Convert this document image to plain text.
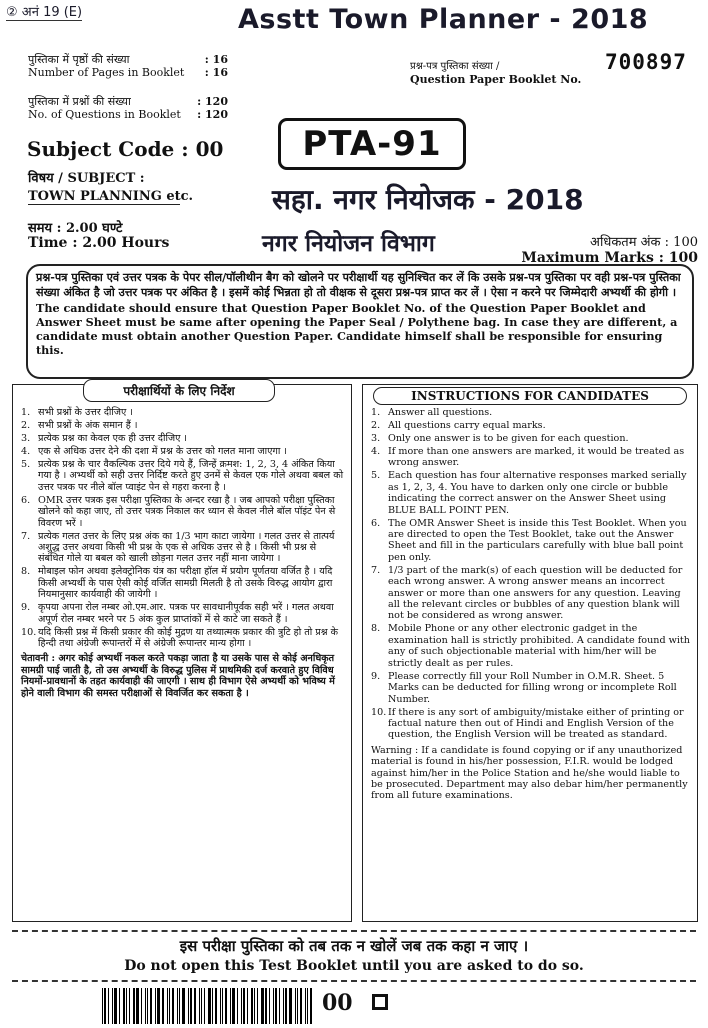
② अनं 19 (E)	Asstt Town Planner - 2018
700897
पुस्तिका में पृष्ठों की संख्या	: 16
Number of Pages in Booklet : 16
पुस्तिका में प्रश्नों की संख्या	: 120
No. of Questions in Booklet : 120
प्रश्न-पत्र पुस्तिका संख्या /
Question Paper Booklet No.
Subject Code : 00 PTA-91
विषय / SUBJECT :
TOWN PLANNING etc.	सहा. नगर नियोजक - 2018
नगर नियोजन विभाग
समय : 2.00 घण्टे
Time : 2.00 Hours	अधिकतम अंक : 100
Maximum Marks : 100
प्रश्न-पत्र पुस्तिका एवं उत्तर पत्रक के पेपर सील/पॉलीथीन बैग को खोलने पर परीक्षार्थी यह सुनिश्चित कर लें कि उसके प्रश्न-पत्र पुस्तिका पर वही प्रश्न-पत्र पुस्तिका संख्या अंकित है जो उत्तर पत्रक पर अंकित है । इसमें कोई भिन्नता हो तो वीक्षक से दूसरा प्रश्न-पत्र प्राप्त कर लें । ऐसा न करने पर जिम्मेदारी अभ्यर्थी की होगी ।
The candidate should ensure that Question Paper Booklet No. of the Question Paper Booklet and Answer Sheet must be same after opening the Paper Seal / Polythene bag. In case they are different, a candidate must obtain another Question Paper. Candidate himself shall be responsible for ensuring this.
परीक्षार्थियों के लिए निर्देश
1. सभी प्रश्नों के उत्तर दीजिए ।
2. सभी प्रश्नों के अंक समान हैं ।
3. प्रत्येक प्रश्न का केवल एक ही उत्तर दीजिए ।
4. एक से अधिक उत्तर देने की दशा में प्रश्न के उत्तर को गलत माना जाएगा ।
5. प्रत्येक प्रश्न के चार वैकल्पिक उत्तर दिये गये हैं, जिन्हें क्रमश: 1, 2, 3, 4 अंकित किया गया है । अभ्यर्थी को सही उत्तर निर्दिष्ट करते हुए उनमें से केवल एक गोले अथवा बबल को उत्तर पत्रक पर नीले बॉल प्वाइंट पेन से गहरा करना है ।
6. OMR उत्तर पत्रक इस परीक्षा पुस्तिका के अन्दर रखा है । जब आपको परीक्षा पुस्तिका खोलने को कहा जाए, तो उत्तर पत्रक निकाल कर ध्यान से केवल नीले बॉल पॉइंट पेन से विवरण भरें ।
7. प्रत्येक गलत उत्तर के लिए प्रश्न अंक का 1/3 भाग काटा जायेगा । गलत उत्तर से तात्पर्य अशुद्ध उत्तर अथवा किसी भी प्रश्न के एक से अधिक उत्तर से है । किसी भी प्रश्न से संबंधित गोले या बबल को खाली छोड़ना गलत उत्तर नहीं माना जायेगा ।
8. मोबाइल फोन अथवा इलेक्ट्रोनिक यंत्र का परीक्षा हॉल में प्रयोग पूर्णतया वर्जित है । यदि किसी अभ्यर्थी के पास ऐसी कोई वर्जित सामग्री मिलती है तो उसके विरुद्ध आयोग द्वारा नियमानुसार कार्यवाही की जायेगी ।
9. कृपया अपना रोल नम्बर ओ.एम.आर. पत्रक पर सावधानीपूर्वक सही भरें । गलत अथवा अपूर्ण रोल नम्बर भरने पर 5 अंक कुल प्राप्तांकों में से काटे जा सकते हैं ।
10. यदि किसी प्रश्न में किसी प्रकार की कोई मुद्रण या तथ्यात्मक प्रकार की त्रुटि हो तो प्रश्न के हिन्दी तथा अंग्रेजी रूपान्तरों में से अंग्रेजी रूपान्तर मान्य होगा ।
चेतावनी : अगर कोई अभ्यर्थी नकल करते पकड़ा जाता है या उसके पास से कोई अनधिकृत सामग्री पाई जाती है, तो उस अभ्यर्थी के विरुद्ध पुलिस में प्राथमिकी दर्ज करवाते हुए विविध नियमों-प्रावधानों के तहत कार्यवाही की जाएगी । साथ ही विभाग ऐसे अभ्यर्थी को भविष्य में होने वाली विभाग की समस्त परीक्षाओं से विवर्जित कर सकता है ।
INSTRUCTIONS FOR CANDIDATES
1. Answer all questions.
2. All questions carry equal marks.
3. Only one answer is to be given for each question.
4. If more than one answers are marked, it would be treated as wrong answer.
5. Each question has four alternative responses marked serially as 1, 2, 3, 4. You have to darken only one circle or bubble indicating the correct answer on the Answer Sheet using BLUE BALL POINT PEN.
6. The OMR Answer Sheet is inside this Test Booklet. When you are directed to open the Test Booklet, take out the Answer Sheet and fill in the particulars carefully with blue ball point pen only.
7. 1/3 part of the mark(s) of each question will be deducted for each wrong answer. A wrong answer means an incorrect answer or more than one answers for any question. Leaving all the relevant circles or bubbles of any question blank will not be considered as wrong answer.
8. Mobile Phone or any other electronic gadget in the examination hall is strictly prohibited. A candidate found with any of such objectionable material with him/her will be strictly dealt as per rules.
9. Please correctly fill your Roll Number in O.M.R. Sheet. 5 Marks can be deducted for filling wrong or incomplete Roll Number.
10. If there is any sort of ambiguity/mistake either of printing or factual nature then out of Hindi and English Version of the question, the English Version will be treated as standard.
Warning : If a candidate is found copying or if any unauthorized material is found in his/her possession, F.I.R. would be lodged against him/her in the Police Station and he/she would liable to be prosecuted. Department may also debar him/her permanently from all future examinations.
इस परीक्षा पुस्तिका को तब तक न खोलें जब तक कहा न जाए ।
Do not open this Test Booklet until you are asked to do so.
00
